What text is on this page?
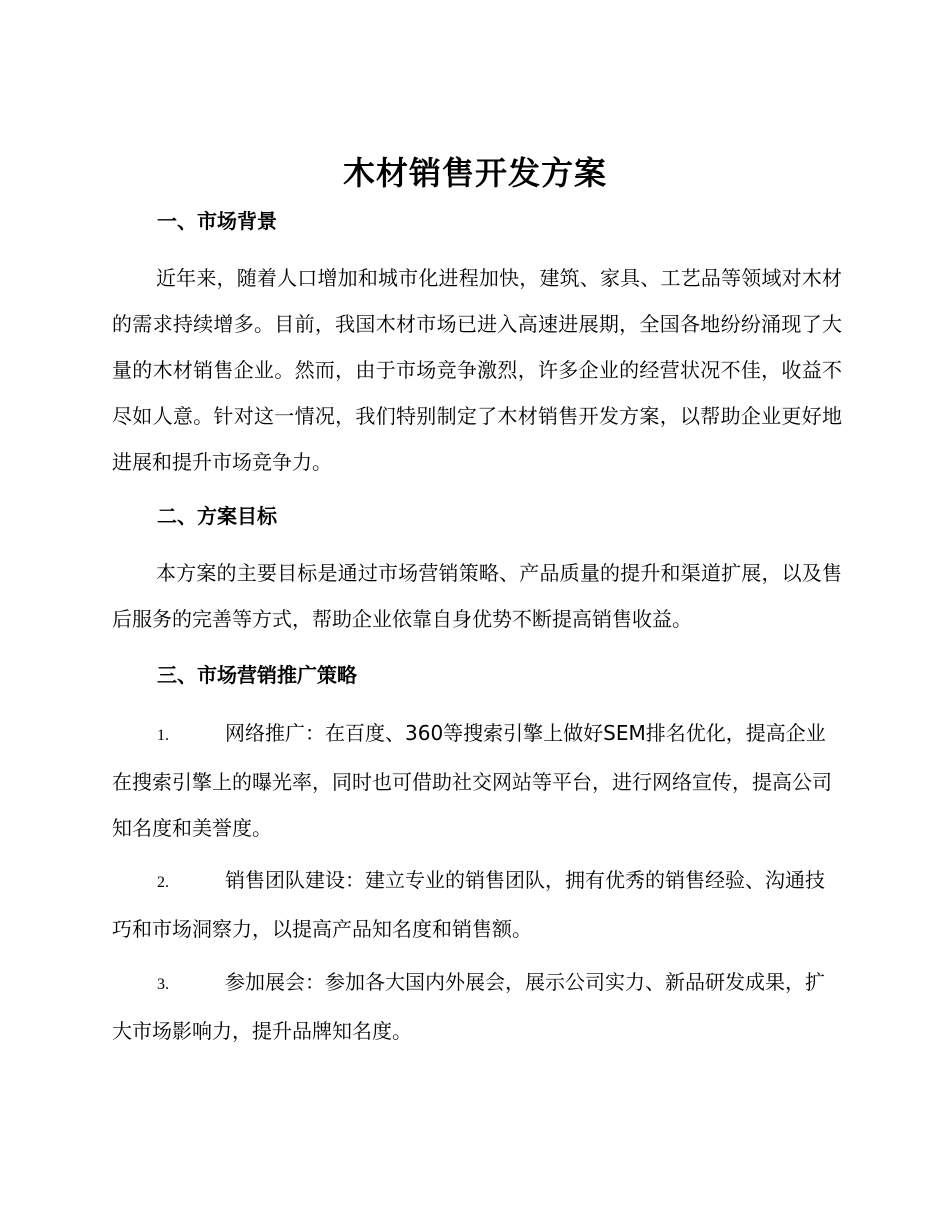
木材销售开发方案
一、市场背景

近年来，随着人口增加和城市化进程加快，建筑、家具、工艺品等领域对木材的需求持续增多。目前，我国木材市场已进入高速进展期，全国各地纷纷涌现了大量的木材销售企业。然而，由于市场竞争激烈，许多企业的经营状况不佳，收益不尽如人意。针对这一情况，我们特别制定了木材销售开发方案，以帮助企业更好地进展和提升市场竞争力。

二、方案目标

本方案的主要目标是通过市场营销策略、产品质量的提升和渠道扩展，以及售后服务的完善等方式，帮助企业依靠自身优势不断提高销售收益。

三、市场营销推广策略

1.	网络推广：在百度、360等搜索引擎上做好SEM排名优化，提高企业在搜索引擎上的曝光率，同时也可借助社交网站等平台，进行网络宣传，提高公司知名度和美誉度。

2.	销售团队建设：建立专业的销售团队，拥有优秀的销售经验、沟通技巧和市场洞察力，以提高产品知名度和销售额。

3.	参加展会：参加各大国内外展会，展示公司实力、新品研发成果，扩大市场影响力，提升品牌知名度。
